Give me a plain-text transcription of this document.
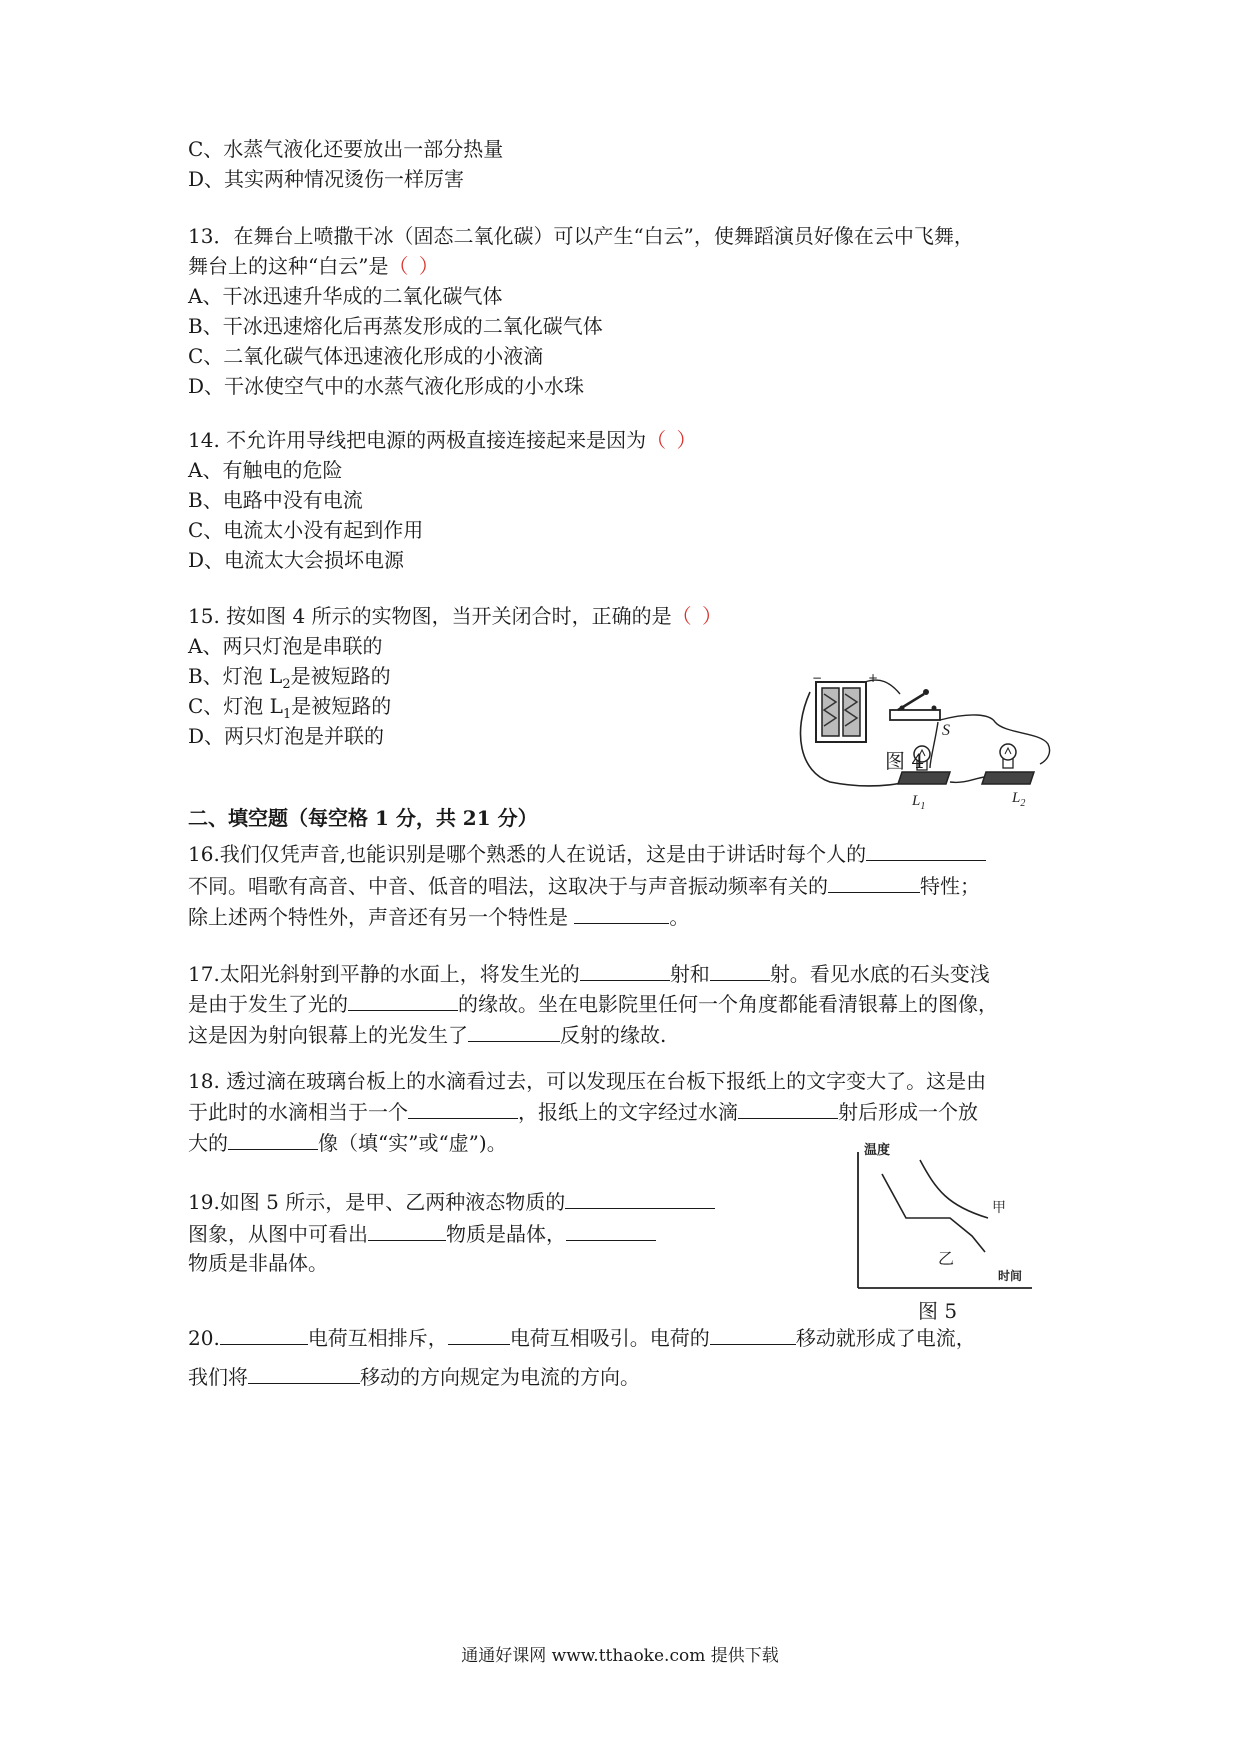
C、水蒸气液化还要放出一部分热量
D、其实两种情况烫伤一样厉害
13．在舞台上喷撒干冰（固态二氧化碳）可以产生“白云”，使舞蹈演员好像在云中飞舞，
舞台上的这种“白云”是（ ）
A、干冰迅速升华成的二氧化碳气体
B、干冰迅速熔化后再蒸发形成的二氧化碳气体
C、二氧化碳气体迅速液化形成的小液滴
D、干冰使空气中的水蒸气液化形成的小水珠
14. 不允许用导线把电源的两极直接连接起来是因为（ ）
A、有触电的危险
B、电路中没有电流
C、电流太小没有起到作用
D、电流太大会损坏电源
15. 按如图 4 所示的实物图，当开关闭合时，正确的是（ ）
A、两只灯泡是串联的
B、灯泡 $L_2$是被短路的
C、灯泡 $L_1$是被短路的
D、两只灯泡是并联的
−	+
S
$L_1$
$L_2$
图 4
二、填空题（每空格 1 分，共 21 分）
16.我们仅凭声音,也能识别是哪个熟悉的人在说话，这是由于讲话时每个人的
不同。唱歌有高音、中音、低音的唱法，这取决于与声音振动频率有关的	特性；
除上述两个特性外，声音还有另一个特性是	。
17.太阳光斜射到平静的水面上，将发生光的	射和	射。看见水底的石头变浅
是由于发生了光的	的缘故。坐在电影院里任何一个角度都能看清银幕上的图像，
这是因为射向银幕上的光发生了	反射的缘故.
18. 透过滴在玻璃台板上的水滴看过去，可以发现压在台板下报纸上的文字变大了。这是由
于此时的水滴相当于一个	，报纸上的文字经过水滴	射后形成一个放
大的	像（填“实”或“虚”)。
19.如图 5 所示，是甲、乙两种液态物质的
图象，从图中可看出	物质是晶体，
物质是非晶体。
温度
时间
甲
乙
图 5
20.	电荷互相排斥，	电荷互相吸引。电荷的	移动就形成了电流，
我们将	移动的方向规定为电流的方向。
通通好课网 www.tthaoke.com 提供下载
